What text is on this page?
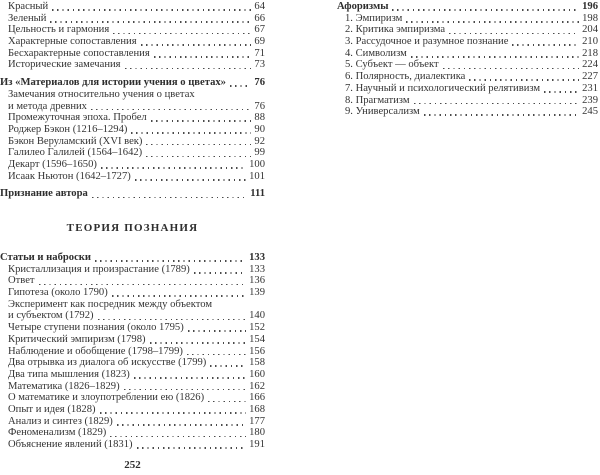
Красный	64
Зеленый	66
Цельность и гармония	67
Характерные сопоставления	69
Бесхарактерные сопоставления	71
Исторические замечания	73
Из «Материалов для истории учения о цветах»	76
Замечания относительно учения о цветах
и метода древних	76
Промежуточная эпоха. Пробел	88
Роджер Бэкон (1216–1294)	90
Бэкон Веруламский (XVI век)	92
Галилео Галилей (1564–1642)	99
Декарт (1596–1650)	100
Исаак Ньютон (1642–1727)	101
Признание автора	111
ТЕОРИЯ ПОЗНАНИЯ
Статьи и наброски	133
Кристаллизация и произрастание (1789)	133
Ответ	136
Гипотеза (около 1790)	139
Эксперимент как посредник между объектом
и субъектом (1792)	140
Четыре ступени познания (около 1795)	152
Критический эмпиризм (1798)	154
Наблюдение и обобщение (1798–1799)	156
Два отрывка из диалога об искусстве (1799)	158
Два типа мышления (1823)	160
Математика (1826–1829)	162
О математике и злоупотреблении ею (1826)	166
Опыт и идея (1828)	168
Анализ и синтез (1829)	177
Феноменализм (1829)	180
Объяснение явлений (1831)	191
252
Афоризмы	196
1. Эмпиризм	198
2. Критика эмпиризма	204
3. Рассудочное и разумное познание	210
4. Символизм	218
5. Субъект — объект	224
6. Полярность, диалектика	227
7. Научный и психологический релятивизм	231
8. Прагматизм	239
9. Универсализм	245
